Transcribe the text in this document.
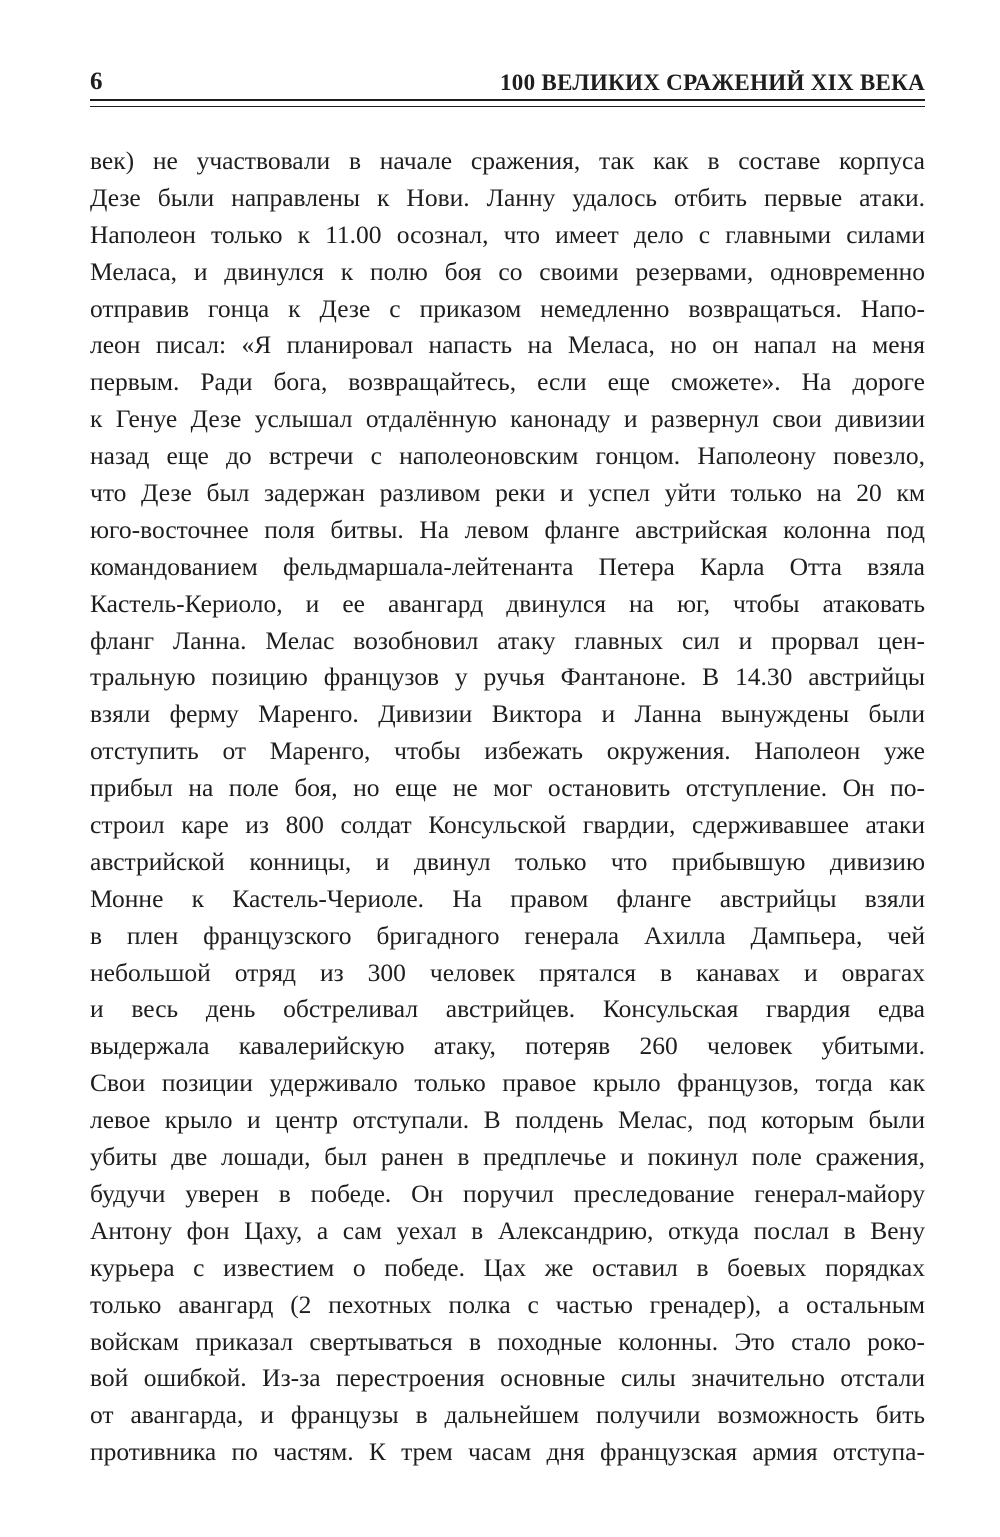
6	100 ВЕЛИКИХ СРАЖЕНИЙ XIX ВЕКА
век) не участвовали в начале сражения, так как в составе корпуса
Дезе были направлены к Нови. Ланну удалось отбить первые атаки.
Наполеон только к 11.00 осознал, что имеет дело с главными силами
Меласа, и двинулся к полю боя со своими резервами, одновременно
отправив гонца к Дезе с приказом немедленно возвращаться. Напо-
леон писал: «Я планировал напасть на Меласа, но он напал на меня
первым. Ради бога, возвращайтесь, если еще сможете». На дороге
к Генуе Дезе услышал отдалённую канонаду и развернул свои дивизии
назад еще до встречи с наполеоновским гонцом. Наполеону повезло,
что Дезе был задержан разливом реки и успел уйти только на 20 км
юго-восточнее поля битвы. На левом фланге австрийская колонна под
командованием фельдмаршала-лейтенанта Петера Карла Отта взяла
Кастель-Кериоло, и ее авангард двинулся на юг, чтобы атаковать
фланг Ланна. Мелас возобновил атаку главных сил и прорвал цен-
тральную позицию французов у ручья Фантаноне. В 14.30 австрийцы
взяли ферму Маренго. Дивизии Виктора и Ланна вынуждены были
отступить от Маренго, чтобы избежать окружения. Наполеон уже
прибыл на поле боя, но еще не мог остановить отступление. Он по-
строил каре из 800 солдат Консульской гвардии, сдерживавшее атаки
австрийской конницы, и двинул только что прибывшую дивизию
Монне к Кастель-Чериоле. На правом фланге австрийцы взяли
в плен французского бригадного генерала Ахилла Дампьера, чей
небольшой отряд из 300 человек прятался в канавах и оврагах
и весь день обстреливал австрийцев. Консульская гвардия едва
выдержала кавалерийскую атаку, потеряв 260 человек убитыми.
Свои позиции удерживало только правое крыло французов, тогда как
левое крыло и центр отступали. В полдень Мелас, под которым были
убиты две лошади, был ранен в предплечье и покинул поле сражения,
будучи уверен в победе. Он поручил преследование генерал-майору
Антону фон Цаху, а сам уехал в Александрию, откуда послал в Вену
курьера с известием о победе. Цах же оставил в боевых порядках
только авангард (2 пехотных полка с частью гренадер), а остальным
войскам приказал свертываться в походные колонны. Это стало роко-
вой ошибкой. Из-за перестроения основные силы значительно отстали
от авангарда, и французы в дальнейшем получили возможность бить
противника по частям. К трем часам дня французская армия отступа-
